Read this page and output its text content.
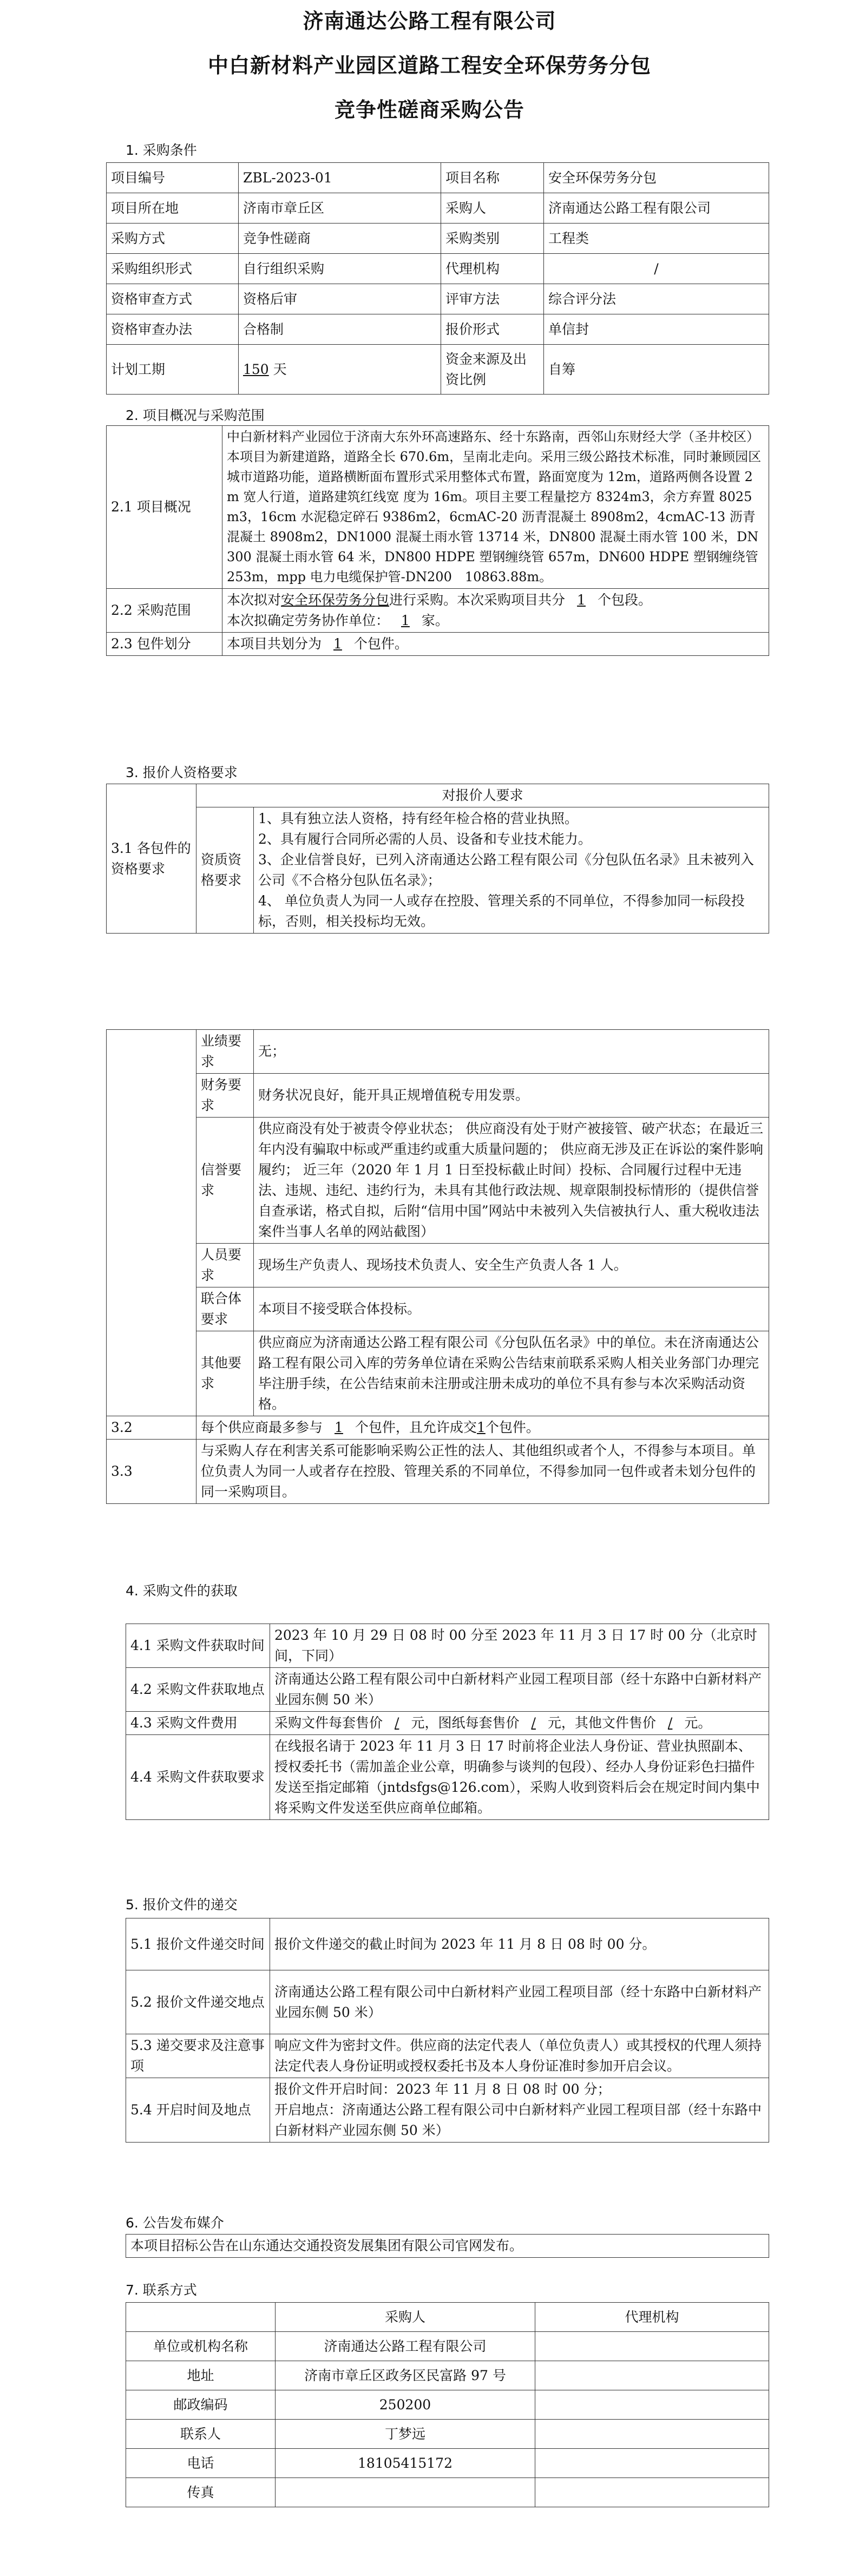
济南通达公路工程有限公司
中白新材料产业园区道路工程安全环保劳务分包
竞争性磋商采购公告
1. 采购条件
项目编号	ZBL-2023-01	项目名称	安全环保劳务分包
项目所在地	济南市章丘区	采购人	济南通达公路工程有限公司
采购方式	竞争性磋商	采购类别	工程类
采购组织形式	自行组织采购	代理机构	/
资格审查方式	资格后审	评审方法	综合评分法
资格审查办法	合格制	报价形式	单信封
计划工期	150 天	资金来源及出资比例	自筹
2. 项目概况与采购范围
2.1 项目概况	中白新材料产业园位于济南大东外环高速路东、经十东路南，西邻山东财经大学（圣井校区）本项目为新建道路，道路全长 670.6m，呈南北走向。采用三级公路技术标准，同时兼顾园区城市道路功能，道路横断面布置形式采用整体式布置，路面宽度为 12m，道路两侧各设置 2m 宽人行道，道路建筑红线宽 度为 16m。项目主要工程量挖方 8324m3，余方弃置 8025m3，16cm 水泥稳定碎石 9386m2，6cmAC-20 沥青混凝土 8908m2，4cmAC-13 沥青混凝土 8908m2，DN1000 混凝土雨水管 13714 米，DN800 混凝土雨水管 100 米，DN300 混凝土雨水管 64 米，DN800 HDPE 塑钢缠绕管 657m，DN600 HDPE 塑钢缠绕管 253m，mpp 电力电缆保护管-DN200　10863.88m。
2.2 采购范围	本次拟对安全环保劳务分包进行采购。本次采购项目共分 1 个包段。
本次拟确定劳务协作单位： 1 家。

2.3 包件划分	本项目共划分为 1 个包件。
3. 报价人资格要求
3.1 各包件的资格要求	对报价人要求	
	资质资格要求	1、具有独立法人资格，持有经年检合格的营业执照。
2、具有履行合同所必需的人员、设备和专业技术能力。
3、企业信誉良好，已列入济南通达公路工程有限公司《分包队伍名录》且未被列入公司《不合格分包队伍名录》；
4、 单位负责人为同一人或存在控股、管理关系的不同单位，不得参加同一标段投标，否则，相关投标均无效。
	业绩要求	无；
	财务要求	财务状况良好，能开具正规增值税专用发票。
	信誉要求	供应商没有处于被责令停业状态； 供应商没有处于财产被接管、破产状态；在最近三年内没有骗取中标或严重违约或重大质量问题的； 供应商无涉及正在诉讼的案件影响履约； 近三年（2020 年 1 月 1 日至投标截止时间）投标、合同履行过程中无违法、违规、违纪、违约行为，未具有其他行政法规、规章限制投标情形的（提供信誉自查承诺，格式自拟，后附“信用中国”网站中未被列入失信被执行人、重大税收违法案件当事人名单的网站截图）
	人员要求	现场生产负责人、现场技术负责人、安全生产负责人各 1 人。
	联合体要求	本项目不接受联合体投标。
	其他要求	供应商应为济南通达公路工程有限公司《分包队伍名录》中的单位。未在济南通达公路工程有限公司入库的劳务单位请在采购公告结束前联系采购人相关业务部门办理完毕注册手续，在公告结束前未注册或注册未成功的单位不具有参与本次采购活动资格。
3.2	每个供应商最多参与 1 个包件，且允许成交1个包件。	
3.3	与采购人存在利害关系可能影响采购公正性的法人、其他组织或者个人，不得参与本项目。单位负责人为同一人或者存在控股、管理关系的不同单位，不得参加同一包件或者未划分包件的同一采购项目。	
4. 采购文件的获取
4.1 采购文件获取时间	2023 年 10 月 29 日 08 时 00 分至 2023 年 11 月 3 日 17 时 00 分（北京时间，下同）
4.2 采购文件获取地点	济南通达公路工程有限公司中白新材料产业园工程项目部（经十东路中白新材料产业园东侧 50 米）
4.3 采购文件费用	采购文件每套售价 / 元，图纸每套售价 / 元，其他文件售价 / 元。
4.4 采购文件获取要求	在线报名请于 2023 年 11 月 3 日 17 时前将企业法人身份证、营业执照副本、授权委托书（需加盖企业公章，明确参与谈判的包段）、经办人身份证彩色扫描件发送至指定邮箱（jntdsfgs@126.com），采购人收到资料后会在规定时间内集中将采购文件发送至供应商单位邮箱。
5. 报价文件的递交
5.1 报价文件递交时间	报价文件递交的截止时间为 2023 年 11 月 8 日 08 时 00 分。
5.2 报价文件递交地点	济南通达公路工程有限公司中白新材料产业园工程项目部（经十东路中白新材料产业园东侧 50 米）
5.3 递交要求及注意事项	响应文件为密封文件。供应商的法定代表人（单位负责人）或其授权的代理人须持法定代表人身份证明或授权委托书及本人身份证准时参加开启会议。
5.4 开启时间及地点	报价文件开启时间：2023 年 11 月 8 日 08 时 00 分；
开启地点：济南通达公路工程有限公司中白新材料产业园工程项目部（经十东路中白新材料产业园东侧 50 米）
6. 公告发布媒介
本项目招标公告在山东通达交通投资发展集团有限公司官网发布。
7. 联系方式
	采购人	代理机构
单位或机构名称	济南通达公路工程有限公司	
地址	济南市章丘区政务区民富路 97 号	
邮政编码	250200	
联系人	丁梦远	
电话	18105415172	
传真		
